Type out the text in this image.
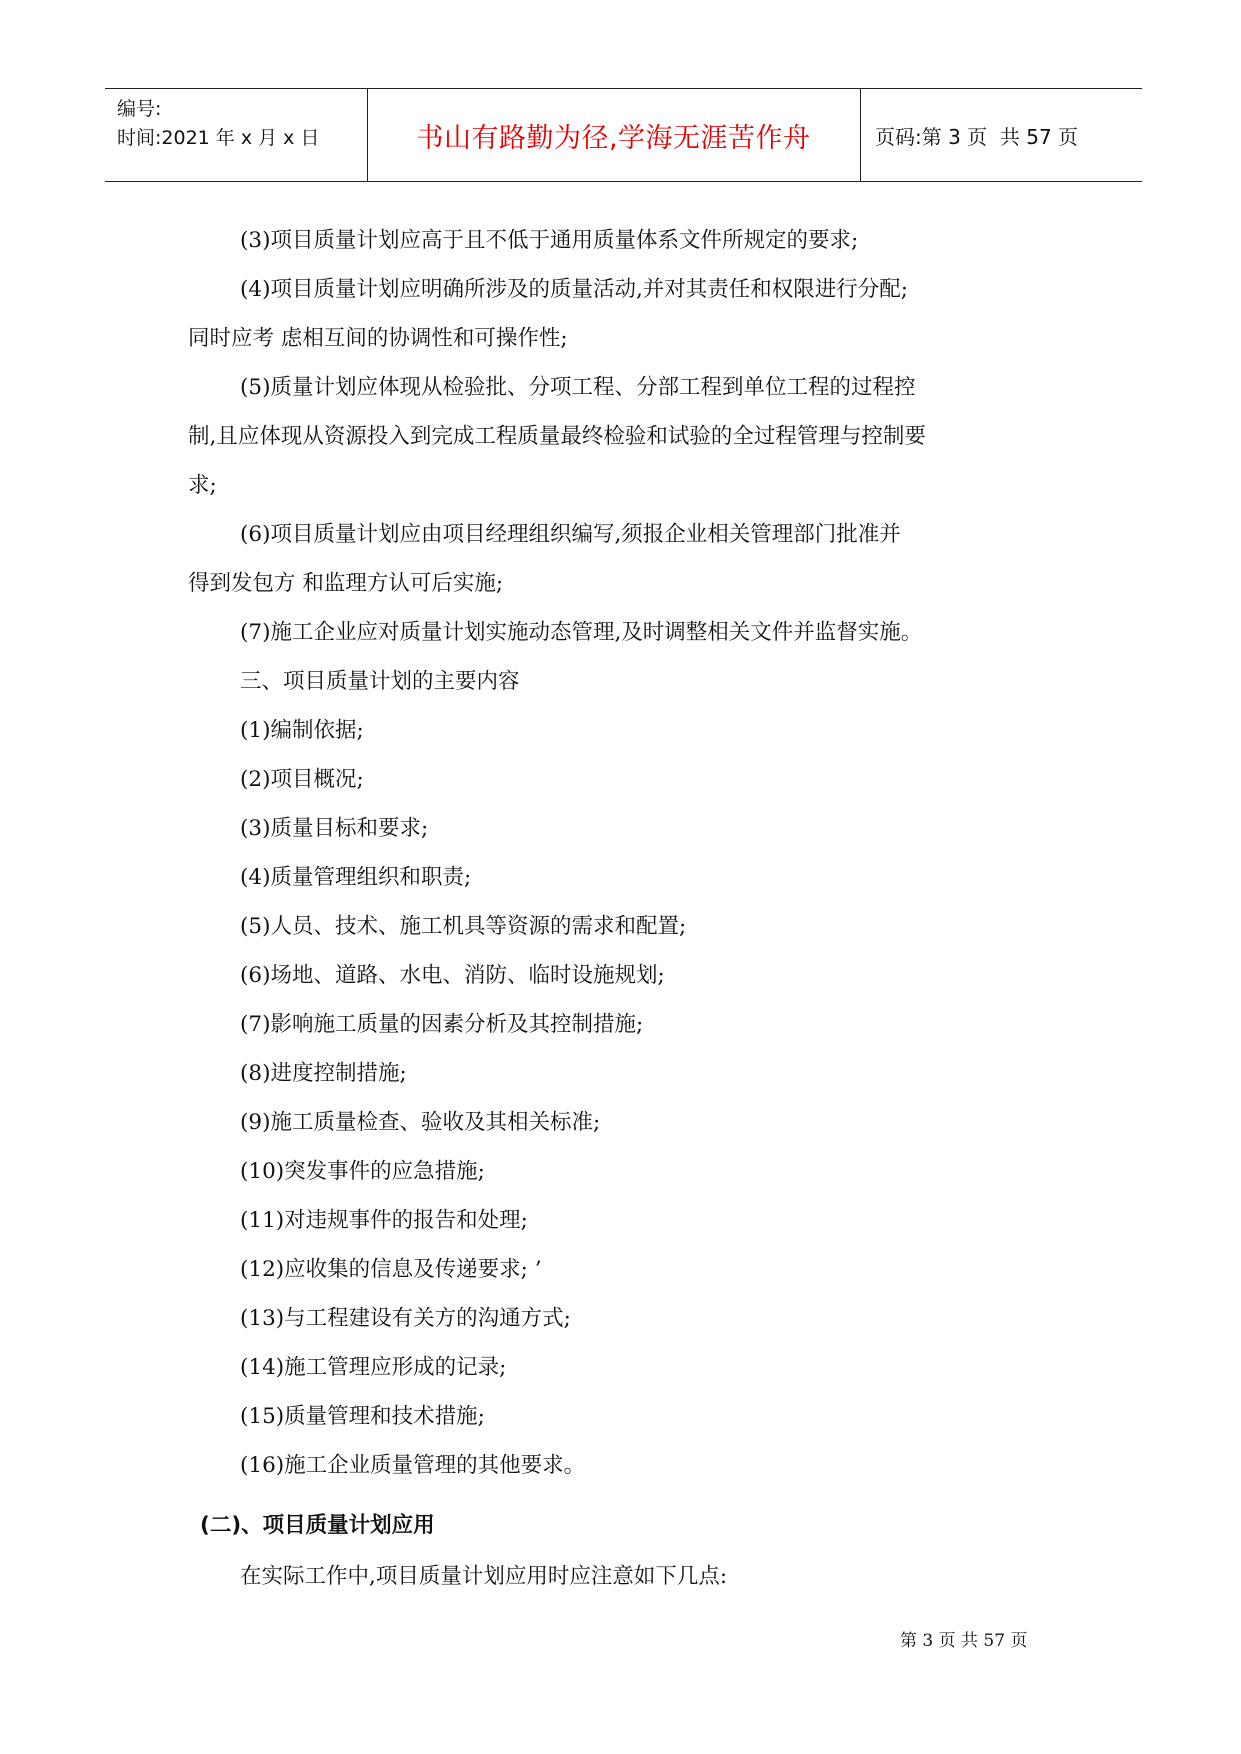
编号:
时间:2021 年 x 月 x 日	书山有路勤为径,学海无涯苦作舟	页码:第 3 页  共 57 页
(3)项目质量计划应高于且不低于通用质量体系文件所规定的要求;
(4)项目质量计划应明确所涉及的质量活动,并对其责任和权限进行分配;
同时应考 虑相互间的协调性和可操作性;
(5)质量计划应体现从检验批、分项工程、分部工程到单位工程的过程控
制,且应体现从资源投入到完成工程质量最终检验和试验的全过程管理与控制要
求;
(6)项目质量计划应由项目经理组织编写,须报企业相关管理部门批准并
得到发包方 和监理方认可后实施;
(7)施工企业应对质量计划实施动态管理,及时调整相关文件并监督实施。
三、项目质量计划的主要内容
(1)编制依据;
(2)项目概况;
(3)质量目标和要求;
(4)质量管理组织和职责;
(5)人员、技术、施工机具等资源的需求和配置;
(6)场地、道路、水电、消防、临时设施规划;
(7)影响施工质量的因素分析及其控制措施;
(8)进度控制措施;
(9)施工质量检查、验收及其相关标准;
(10)突发事件的应急措施;
(11)对违规事件的报告和处理;
(12)应收集的信息及传递要求; ’
(13)与工程建设有关方的沟通方式;
(14)施工管理应形成的记录;
(15)质量管理和技术措施;
(16)施工企业质量管理的其他要求。
(二)、项目质量计划应用
在实际工作中,项目质量计划应用时应注意如下几点:
第 3 页 共 57 页
